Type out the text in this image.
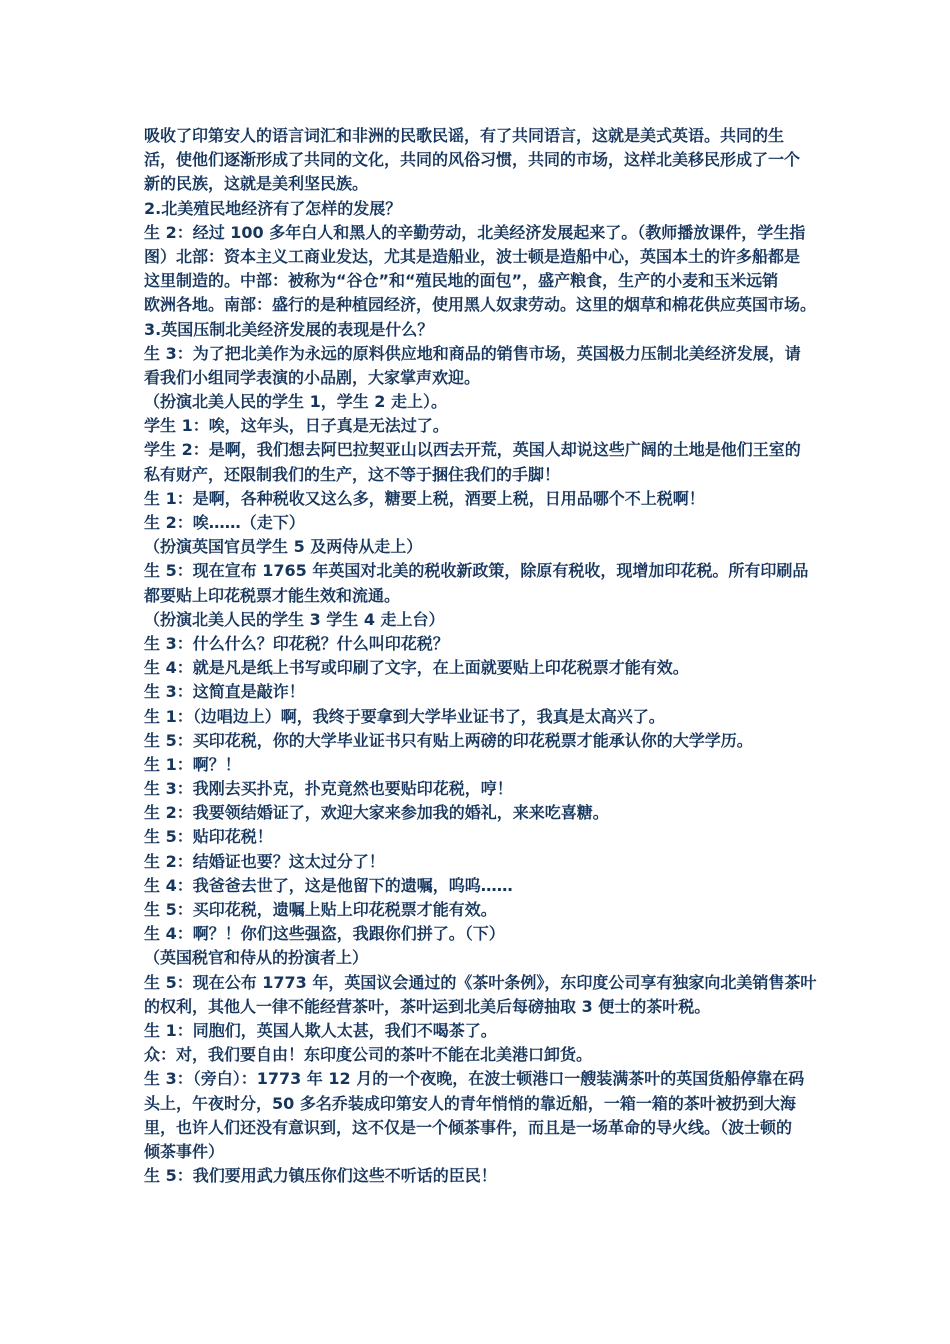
吸收了印第安人的语言词汇和非洲的民歌民谣，有了共同语言，这就是美式英语。共同的生
活，使他们逐渐形成了共同的文化，共同的风俗习惯，共同的市场，这样北美移民形成了一个
新的民族，这就是美利坚民族。
2.北美殖民地经济有了怎样的发展？
生 2：经过 100 多年白人和黑人的辛勤劳动，北美经济发展起来了。（教师播放课件，学生指
图）北部：资本主义工商业发达，尤其是造船业，波士顿是造船中心，英国本土的许多船都是
这里制造的。中部：被称为“谷仓”和“殖民地的面包”，盛产粮食，生产的小麦和玉米远销
欧洲各地。南部：盛行的是种植园经济，使用黑人奴隶劳动。这里的烟草和棉花供应英国市场。
3.英国压制北美经济发展的表现是什么？
生 3：为了把北美作为永远的原料供应地和商品的销售市场，英国极力压制北美经济发展，请
看我们小组同学表演的小品剧，大家掌声欢迎。
（扮演北美人民的学生 1，学生 2 走上）。
学生 1：唉，这年头，日子真是无法过了。
学生 2：是啊，我们想去阿巴拉契亚山以西去开荒，英国人却说这些广阔的土地是他们王室的
私有财产，还限制我们的生产，这不等于捆住我们的手脚！
生 1：是啊，各种税收又这么多，糖要上税，酒要上税，日用品哪个不上税啊！
生 2：唉……（走下）
（扮演英国官员学生 5 及两侍从走上）
生 5：现在宣布 1765 年英国对北美的税收新政策，除原有税收，现增加印花税。所有印刷品
都要贴上印花税票才能生效和流通。
（扮演北美人民的学生 3 学生 4 走上台）
生 3：什么什么？印花税？什么叫印花税？
生 4：就是凡是纸上书写或印刷了文字，在上面就要贴上印花税票才能有效。
生 3：这简直是敲诈！
生 1：（边唱边上）啊，我终于要拿到大学毕业证书了，我真是太高兴了。
生 5：买印花税，你的大学毕业证书只有贴上两磅的印花税票才能承认你的大学学历。
生 1：啊？！
生 3：我刚去买扑克，扑克竟然也要贴印花税，哼！
生 2：我要领结婚证了，欢迎大家来参加我的婚礼，来来吃喜糖。
生 5：贴印花税！
生 2：结婚证也要？这太过分了！
生 4：我爸爸去世了，这是他留下的遗嘱，呜呜……
生 5：买印花税，遗嘱上贴上印花税票才能有效。
生 4：啊？！你们这些强盗，我跟你们拼了。（下）
（英国税官和侍从的扮演者上）
生 5：现在公布 1773 年，英国议会通过的《茶叶条例》，东印度公司享有独家向北美销售茶叶
的权利，其他人一律不能经营茶叶，茶叶运到北美后每磅抽取 3 便士的茶叶税。
生 1：同胞们，英国人欺人太甚，我们不喝茶了。
众：对，我们要自由！东印度公司的茶叶不能在北美港口卸货。
生 3：（旁白）：1773 年 12 月的一个夜晚，在波士顿港口一艘装满茶叶的英国货船停靠在码
头上，午夜时分，50 多名乔装成印第安人的青年悄悄的靠近船，一箱一箱的茶叶被扔到大海
里，也许人们还没有意识到，这不仅是一个倾茶事件，而且是一场革命的导火线。（波士顿的
倾茶事件）
生 5：我们要用武力镇压你们这些不听话的臣民！
